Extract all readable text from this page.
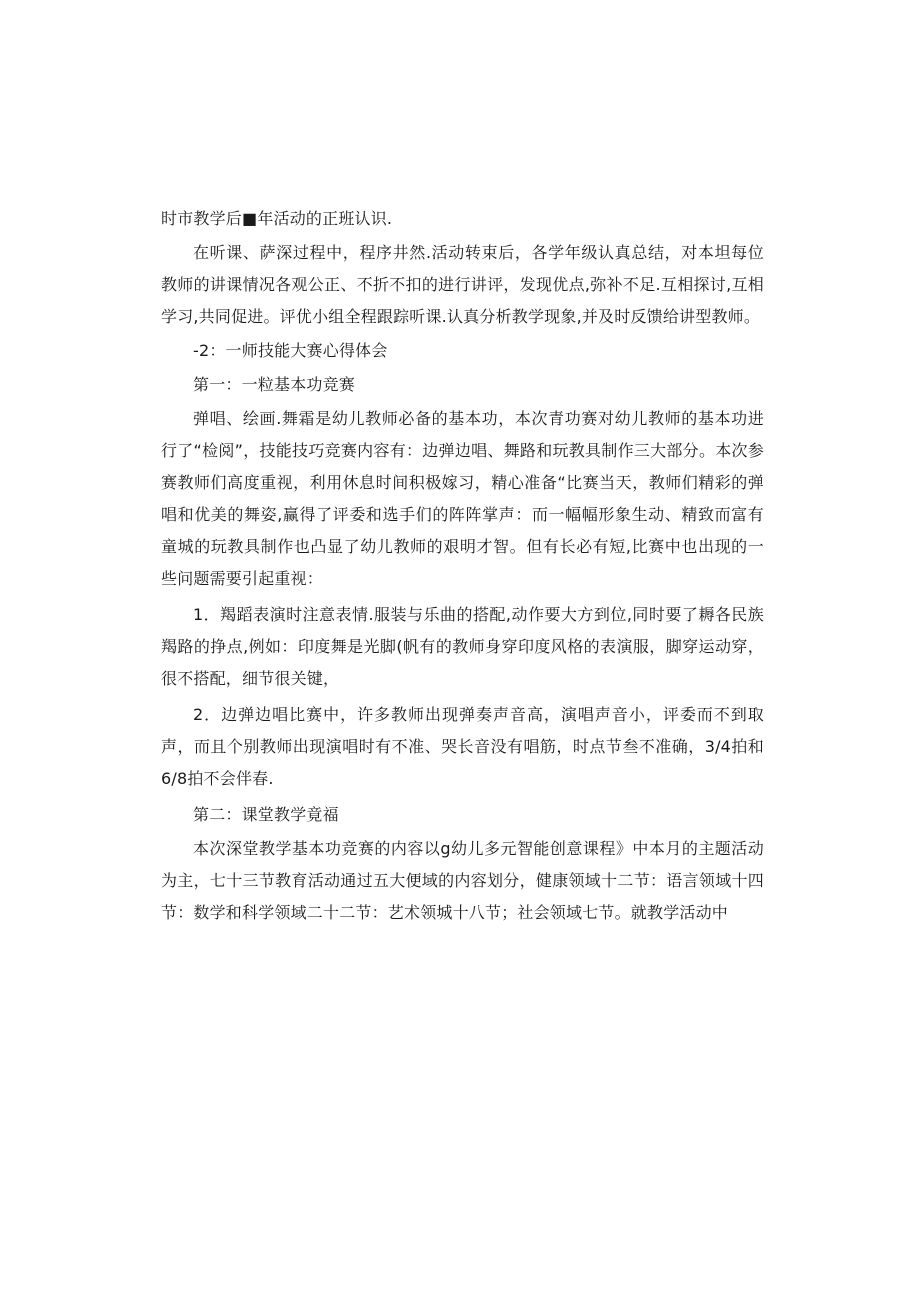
时市教学后■年活动的正班认识.

在听课、萨深过程中，程序井然.活动转束后，各学年级认真总结，对本坦每位教师的讲课情况各观公正、不折不扣的进行讲评，发现优点,弥补不足.互相探讨,互相学习,共同促进。评优小组全程跟踪听课.认真分析教学现象,并及时反馈给讲型教师。

-2：一师技能大赛心得体会

第一：一粒基本功竞赛

弹唱、绘画.舞霜是幼儿教师必备的基本功，本次青功赛对幼儿教师的基本功进行了“检阅”，技能技巧竞赛内容有：边弹边唱、舞路和玩教具制作三大部分。本次参赛教师们高度重视，利用休息时间积极嫁习，精心准备“比赛当天，教师们精彩的弹唱和优美的舞姿,赢得了评委和选手们的阵阵掌声：而一幅幅形象生动、精致而富有童城的玩教具制作也凸显了幼儿教师的艰明才智。但有长必有短,比赛中也出现的一些问题需要引起重视：

1．羯蹈表演时注意表情.服装与乐曲的搭配,动作要大方到位,同时要了耨各民族羯路的挣点,例如：印度舞是光脚(帆有的教师身穿印度风格的表演服，脚穿运动穿，很不搭配，细节很关键，

2．边弹边唱比赛中，许多教师出现弹奏声音高，演唱声音小，评委而不到取声，而且个别教师出现演唱时有不准、哭长音没有唱筋，时点节叁不准确，3/4拍和6/8拍不会伴春.

第二：课堂教学竟福

本次深堂教学基本功竞赛的内容以g幼儿多元智能创意课程》中本月的主题活动为主，七十三节教育活动通过五大便域的内容划分，健康领域十二节：语言领域十四节：数学和科学领域二十二节：艺术领城十八节；社会领域七节。就教学活动中
